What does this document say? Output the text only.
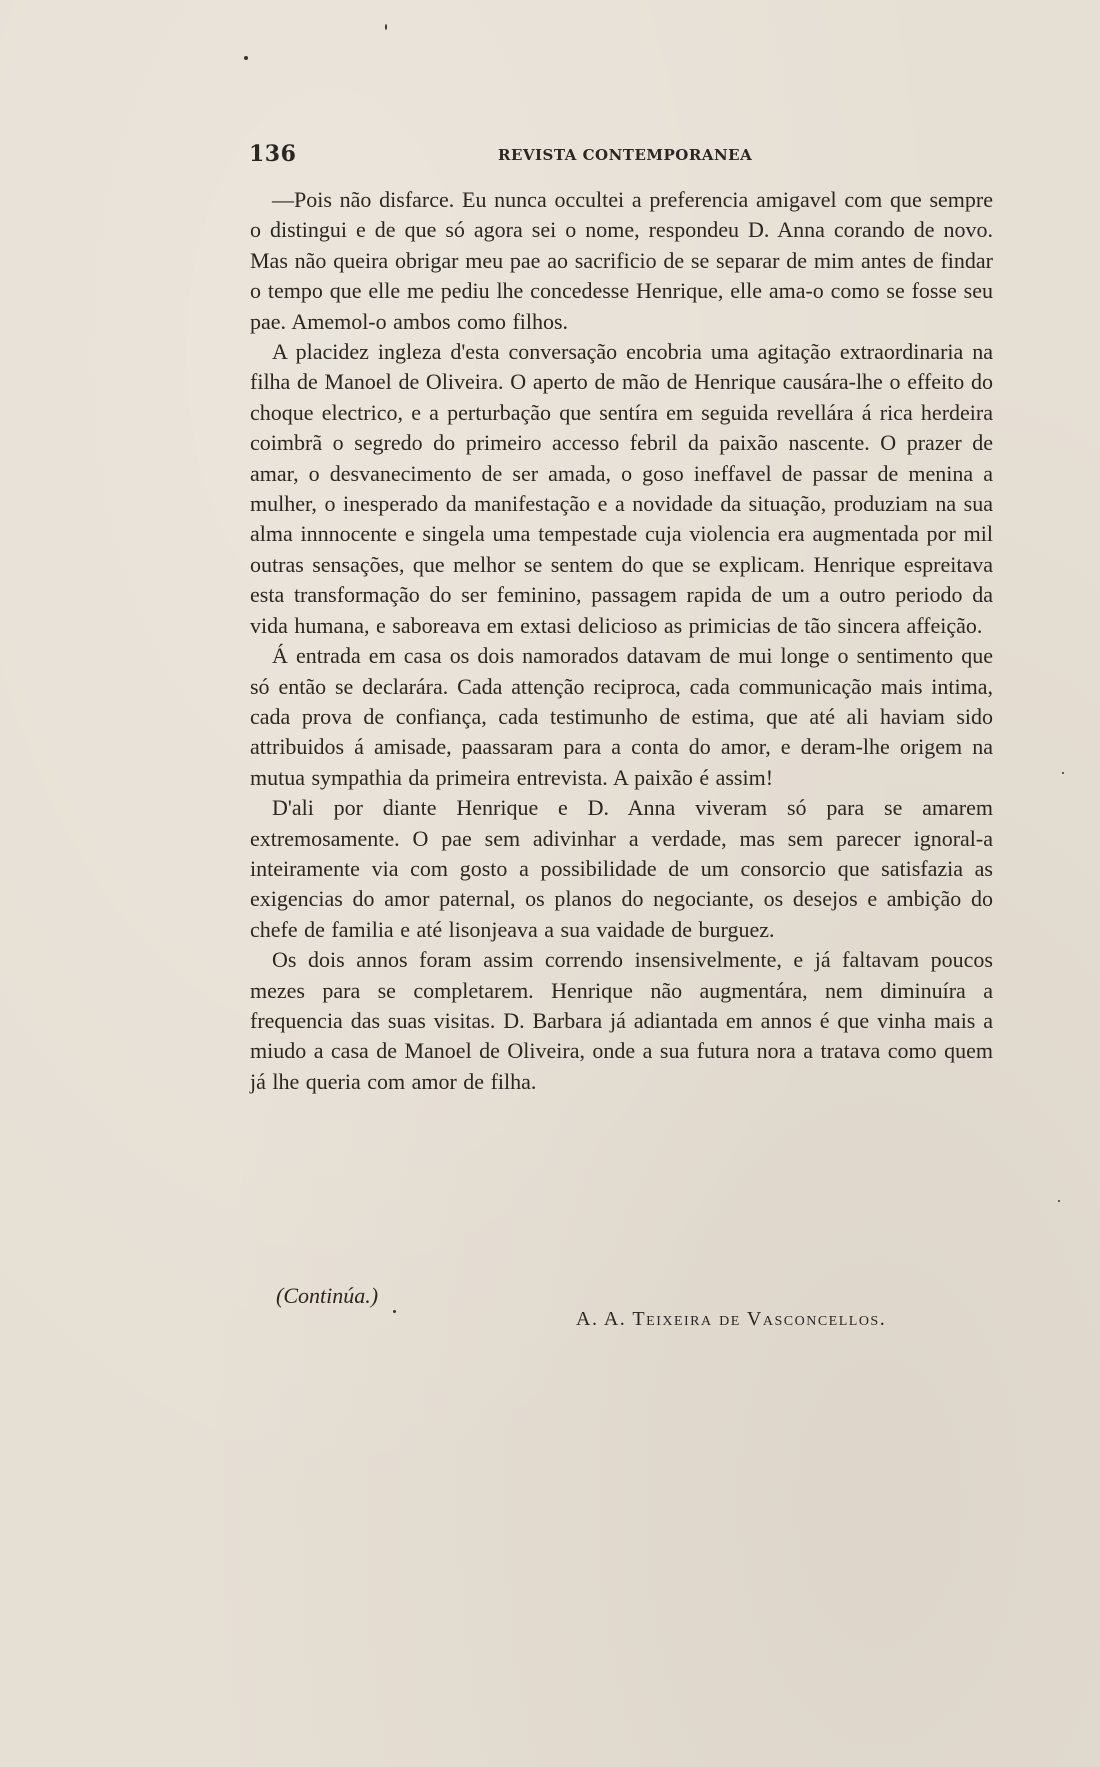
136	REVISTA CONTEMPORANEA

—Pois não disfarce. Eu nunca occultei a preferencia amigavel com que sempre o distingui e de que só agora sei o nome, respondeu D. Anna corando de novo. Mas não queira obrigar meu pae ao sacrificio de se separar de mim antes de findar o tempo que elle me pediu lhe concedesse Henrique, elle ama-o como se fosse seu pae. Amemol-o ambos como filhos.

A placidez ingleza d'esta conversação encobria uma agitação extraordinaria na filha de Manoel de Oliveira. O aperto de mão de Henrique causára-lhe o effeito do choque electrico, e a perturbação que sentíra em seguida revellára á rica herdeira coimbrã o segredo do primeiro accesso febril da paixão nascente. O prazer de amar, o desvanecimento de ser amada, o goso ineffavel de passar de menina a mulher, o inesperado da manifestação e a novidade da situação, produziam na sua alma innnocente e singela uma tempestade cuja violencia era augmentada por mil outras sensações, que melhor se sentem do que se explicam. Henrique espreitava esta transformação do ser feminino, passagem rapida de um a outro periodo da vida humana, e saboreava em extasi delicioso as primicias de tão sincera affeição.

Á entrada em casa os dois namorados datavam de mui longe o sentimento que só então se declarára. Cada attenção reciproca, cada communicação mais intima, cada prova de confiança, cada testimunho de estima, que até ali haviam sido attribuidos á amisade, paassaram para a conta do amor, e deram-lhe origem na mutua sympathia da primeira entrevista. A paixão é assim!

D'ali por diante Henrique e D. Anna viveram só para se amarem extremosamente. O pae sem adivinhar a verdade, mas sem parecer ignoral-a inteiramente via com gosto a possibilidade de um consorcio que satisfazia as exigencias do amor paternal, os planos do negociante, os desejos e ambição do chefe de familia e até lisonjeava a sua vaidade de burguez.

Os dois annos foram assim correndo insensivelmente, e já faltavam poucos mezes para se completarem. Henrique não augmentára, nem diminuíra a frequencia das suas visitas. D. Barbara já adiantada em annos é que vinha mais a miudo a casa de Manoel de Oliveira, onde a sua futura nora a tratava como quem já lhe queria com amor de filha.

(Continúa.)
A. A. Teixeira de Vasconcellos.
